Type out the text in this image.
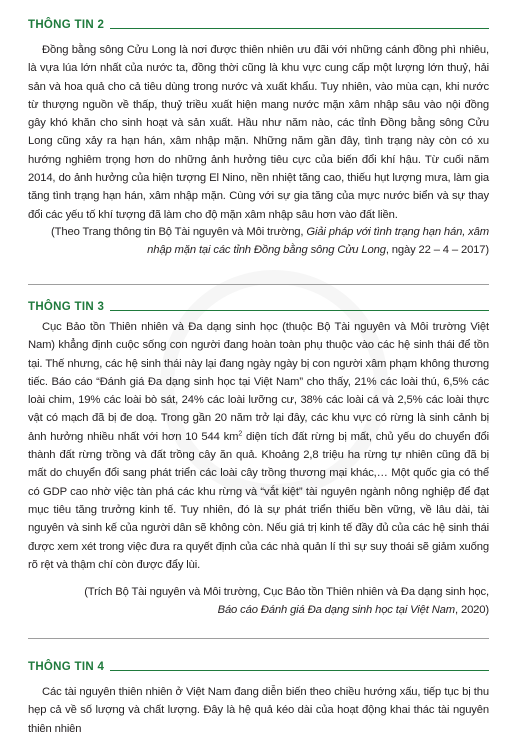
THÔNG TIN 2

Đồng bằng sông Cửu Long là nơi được thiên nhiên ưu đãi với những cánh đồng phì nhiêu, là vựa lúa lớn nhất của nước ta, đồng thời cũng là khu vực cung cấp một lượng lớn thuỷ, hải sản và hoa quả cho cả tiêu dùng trong nước và xuất khẩu. Tuy nhiên, vào mùa cạn, khi nước từ thượng nguồn về thấp, thuỷ triều xuất hiện mang nước mặn xâm nhập sâu vào nội đồng gây khó khăn cho sinh hoạt và sản xuất. Hầu như năm nào, các tỉnh Đồng bằng sông Cửu Long cũng xảy ra hạn hán, xâm nhập mặn. Những năm gần đây, tình trạng này còn có xu hướng nghiêm trọng hơn do những ảnh hưởng tiêu cực của biến đổi khí hậu. Từ cuối năm 2014, do ảnh hưởng của hiện tượng El Nino, nền nhiệt tăng cao, thiếu hụt lượng mưa, làm gia tăng tình trạng hạn hán, xâm nhập mặn. Cùng với sự gia tăng của mực nước biển và sự thay đổi các yếu tố khí tượng đã làm cho độ mặn xâm nhập sâu hơn vào đất liền.

(Theo Trang thông tin Bộ Tài nguyên và Môi trường, Giải pháp với tình trạng hạn hán, xâm nhập mặn tại các tỉnh Đồng bằng sông Cửu Long, ngày 22 – 4 – 2017)

THÔNG TIN 3

Cục Bảo tồn Thiên nhiên và Đa dạng sinh học (thuộc Bộ Tài nguyên và Môi trường Việt Nam) khẳng định cuộc sống con người đang hoàn toàn phụ thuộc vào các hệ sinh thái để tồn tại. Thế nhưng, các hệ sinh thái này lại đang ngày ngày bị con người xâm phạm không thương tiếc. Báo cáo “Đánh giá Đa dạng sinh học tại Việt Nam” cho thấy, 21% các loài thú, 6,5% các loài chim, 19% các loài bò sát, 24% các loài lưỡng cư, 38% các loài cá và 2,5% các loài thực vật có mạch đã bị đe doạ. Trong gần 20 năm trở lại đây, các khu vực có rừng là sinh cảnh bị ảnh hưởng nhiều nhất với hơn 10 544 $km^2$ diện tích đất rừng bị mất, chủ yếu do chuyển đổi thành đất rừng trồng và đất trồng cây ăn quả. Khoảng 2,8 triệu ha rừng tự nhiên cũng đã bị mất do chuyển đổi sang phát triển các loài cây trồng thương mại khác,… Một quốc gia có thể có GDP cao nhờ việc tàn phá các khu rừng và “vắt kiệt” tài nguyên ngành nông nghiệp để đạt mục tiêu tăng trưởng kinh tế. Tuy nhiên, đó là sự phát triển thiếu bền vững, về lâu dài, tài nguyên và sinh kế của người dân sẽ không còn. Nếu giá trị kinh tế đầy đủ của các hệ sinh thái được xem xét trong việc đưa ra quyết định của các nhà quản lí thì sự suy thoái sẽ giảm xuống rõ rệt và thậm chí còn được đẩy lùi.

(Trích Bộ Tài nguyên và Môi trường, Cục Bảo tồn Thiên nhiên và Đa dạng sinh học,
Báo cáo Đánh giá Đa dạng sinh học tại Việt Nam, 2020)

THÔNG TIN 4

Các tài nguyên thiên nhiên ở Việt Nam đang diễn biến theo chiều hướng xấu, tiếp tục bị thu hẹp cả về số lượng và chất lượng. Đây là hệ quả kéo dài của hoạt động khai thác tài nguyên thiên nhiên
